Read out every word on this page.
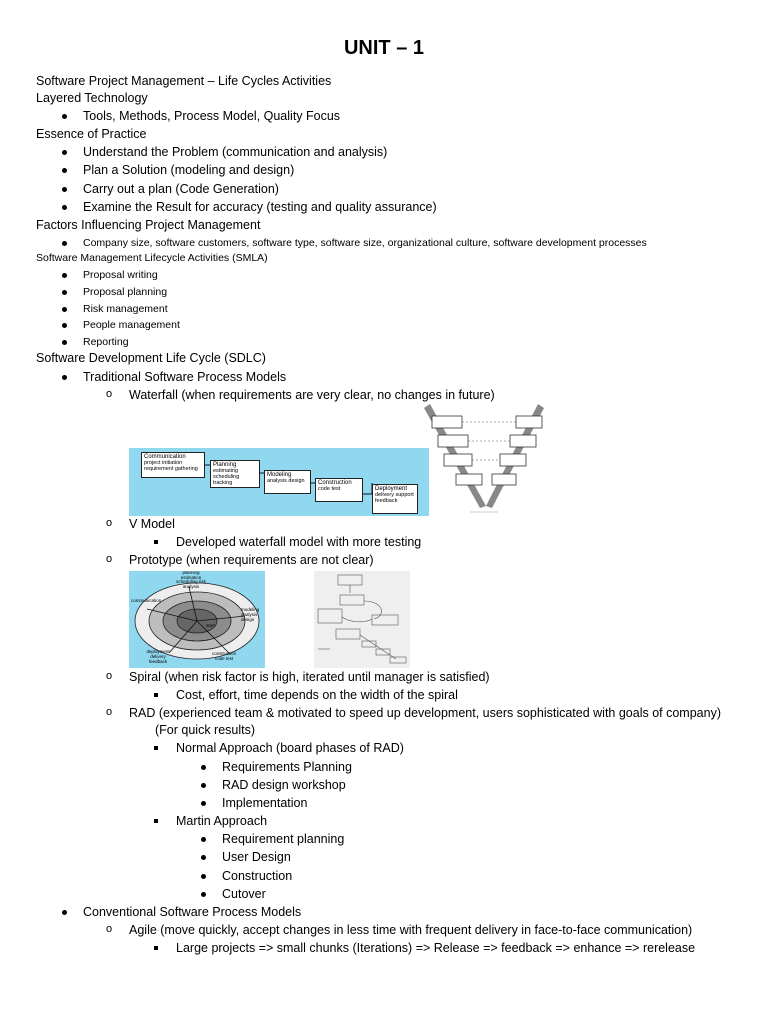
UNIT – 1
Software Project Management – Life Cycles Activities
Layered Technology
Tools, Methods, Process Model, Quality Focus
Essence of Practice
Understand the Problem (communication and analysis)
Plan a Solution (modeling and design)
Carry out a plan (Code Generation)
Examine the Result for accuracy (testing and quality assurance)
Factors Influencing Project Management
Company size, software customers, software type, software size, organizational culture, software development processes
Software Management Lifecycle Activities (SMLA)
Proposal writing
Proposal planning
Risk management
People management
Reporting
Software Development Life Cycle (SDLC)
Traditional Software Process Models
o Waterfall (when requirements are very clear, no changes in future)
Communication
project initiation requirement gathering
Planning
estimating scheduling tracking
Modeling
analysis design	Construction
code test	Deployment
delivery support feedback
o V Model
Developed waterfall model with more testing
o Prototype (when requirements are not clear)
planning
estimation scheduling risk analysis
communication
modeling
analysis design
start
deployment
delivery feedback
construction
code test
o Spiral (when risk factor is high, iterated until manager is satisfied)
Cost, effort, time depends on the width of the spiral
o RAD (experienced team & motivated to speed up development, users sophisticated with goals of company)
(For quick results)
Normal Approach (board phases of RAD)
Requirements Planning
RAD design workshop
Implementation
Martin Approach
Requirement planning
User Design
Construction
Cutover
Conventional Software Process Models
o Agile (move quickly, accept changes in less time with frequent delivery in face-to-face communication)
Large projects => small chunks (Iterations) => Release => feedback => enhance => rerelease
